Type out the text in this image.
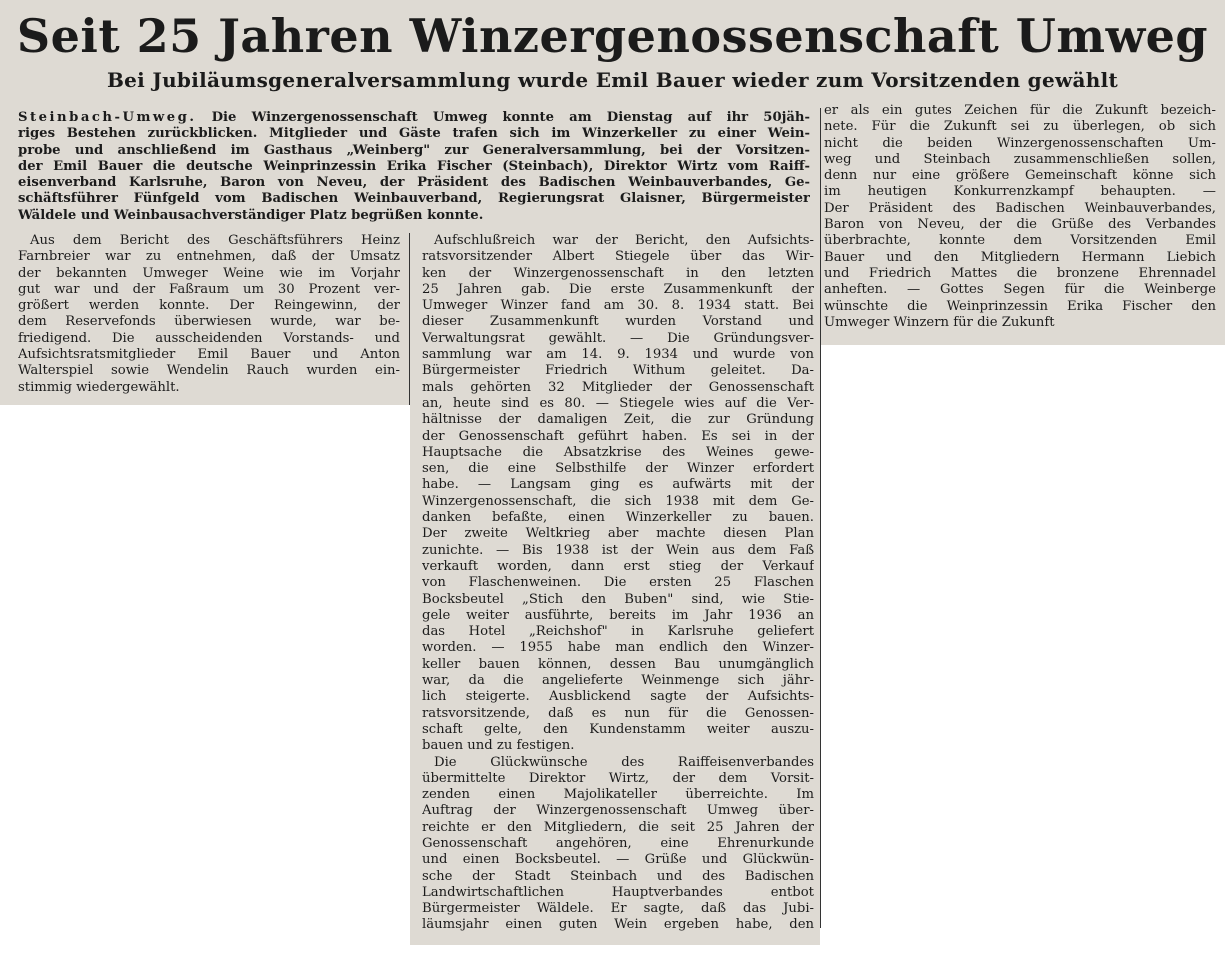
Seit 25 Jahren Winzergenossenschaft Umweg
Bei Jubiläumsgeneralversammlung wurde Emil Bauer wieder zum Vorsitzenden gewählt
Steinbach-Umweg. Die Winzergenossenschaft Umweg konnte am Dienstag auf ihr 50jäh-
riges Bestehen zurückblicken. Mitglieder und Gäste trafen sich im Winzerkeller zu einer Wein-
probe und anschließend im Gasthaus „Weinberg" zur Generalversammlung, bei der Vorsitzen-
der Emil Bauer die deutsche Weinprinzessin Erika Fischer (Steinbach), Direktor Wirtz vom Raiff-
eisenverband Karlsruhe, Baron von Neveu, der Präsident des Badischen Weinbauverbandes, Ge-
schäftsführer Fünfgeld vom Badischen Weinbauverband, Regierungsrat Glaisner, Bürgermeister
Wäldele und Weinbausachverständiger Platz begrüßen konnte.
Aus dem Bericht des Geschäftsführers Heinz
Farnbreier war zu entnehmen, daß der Umsatz
der bekannten Umweger Weine wie im Vorjahr
gut war und der Faßraum um 30 Prozent ver-
größert werden konnte. Der Reingewinn, der
dem Reservefonds überwiesen wurde, war be-
friedigend. Die ausscheidenden Vorstands- und
Aufsichtsratsmitglieder Emil Bauer und Anton
Walterspiel sowie Wendelin Rauch wurden ein-
stimmig wiedergewählt.
Aufschlußreich war der Bericht, den Aufsichts-
ratsvorsitzender Albert Stiegele über das Wir-
ken der Winzergenossenschaft in den letzten
25 Jahren gab. Die erste Zusammenkunft der
Umweger Winzer fand am 30. 8. 1934 statt. Bei
dieser Zusammenkunft wurden Vorstand und
Verwaltungsrat gewählt. — Die Gründungsver-
sammlung war am 14. 9. 1934 und wurde von
Bürgermeister Friedrich Withum geleitet. Da-
mals gehörten 32 Mitglieder der Genossenschaft
an, heute sind es 80. — Stiegele wies auf die Ver-
hältnisse der damaligen Zeit, die zur Gründung
der Genossenschaft geführt haben. Es sei in der
Hauptsache die Absatzkrise des Weines gewe-
sen, die eine Selbsthilfe der Winzer erfordert
habe. — Langsam ging es aufwärts mit der
Winzergenossenschaft, die sich 1938 mit dem Ge-
danken befaßte, einen Winzerkeller zu bauen.
Der zweite Weltkrieg aber machte diesen Plan
zunichte. — Bis 1938 ist der Wein aus dem Faß
verkauft worden, dann erst stieg der Verkauf
von Flaschenweinen. Die ersten 25 Flaschen
Bocksbeutel „Stich den Buben" sind, wie Stie-
gele weiter ausführte, bereits im Jahr 1936 an
das Hotel „Reichshof" in Karlsruhe geliefert
worden. — 1955 habe man endlich den Winzer-
keller bauen können, dessen Bau unumgänglich
war, da die angelieferte Weinmenge sich jähr-
lich steigerte. Ausblickend sagte der Aufsichts-
ratsvorsitzende, daß es nun für die Genossen-
schaft gelte, den Kundenstamm weiter auszu-
bauen und zu festigen.
Die Glückwünsche des Raiffeisenverbandes
übermittelte Direktor Wirtz, der dem Vorsit-
zenden einen Majolikateller überreichte. Im
Auftrag der Winzergenossenschaft Umweg über-
reichte er den Mitgliedern, die seit 25 Jahren der
Genossenschaft angehören, eine Ehrenurkunde
und einen Bocksbeutel. — Grüße und Glückwün-
sche der Stadt Steinbach und des Badischen
Landwirtschaftlichen Hauptverbandes entbot
Bürgermeister Wäldele. Er sagte, daß das Jubi-
läumsjahr einen guten Wein ergeben habe, den
er als ein gutes Zeichen für die Zukunft bezeich-
nete. Für die Zukunft sei zu überlegen, ob sich
nicht die beiden Winzergenossenschaften Um-
weg und Steinbach zusammenschließen sollen,
denn nur eine größere Gemeinschaft könne sich
im heutigen Konkurrenzkampf behaupten. —
Der Präsident des Badischen Weinbauverbandes,
Baron von Neveu, der die Grüße des Verbandes
überbrachte, konnte dem Vorsitzenden Emil
Bauer und den Mitgliedern Hermann Liebich
und Friedrich Mattes die bronzene Ehrennadel
anheften. — Gottes Segen für die Weinberge
wünschte die Weinprinzessin Erika Fischer den
Umweger Winzern für die Zukunft
